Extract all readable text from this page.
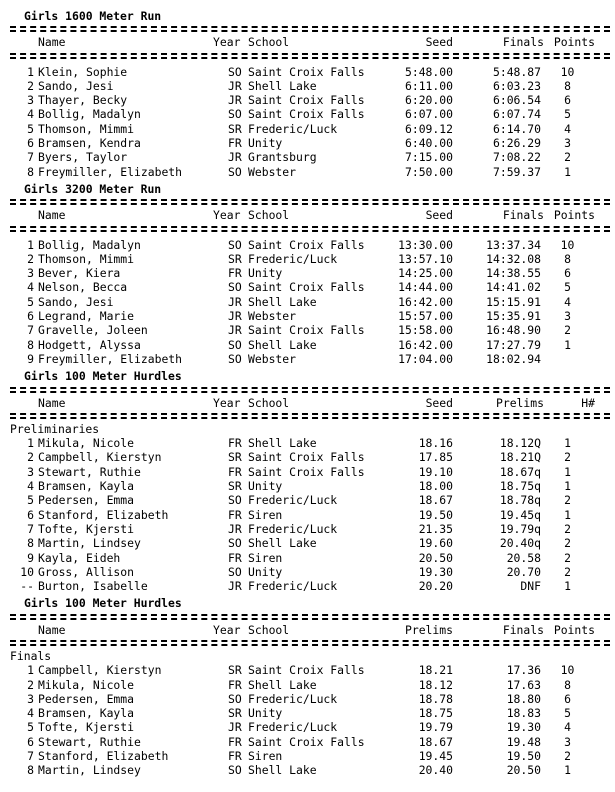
Girls 1600 Meter Run
Name	Year School	Seed	Finals Points
1 Klein, Sophie	SO Saint Croix Falls	5:48.00	5:48.87	10
2 Sando, Jesi	JR Shell Lake	6:11.00	6:03.23	8
3 Thayer, Becky	JR Saint Croix Falls	6:20.00	6:06.54	6
4 Bollig, Madalyn	SO Saint Croix Falls	6:07.00	6:07.74	5
5 Thomson, Mimmi	SR Frederic/Luck	6:09.12	6:14.70	4
6 Bramsen, Kendra	FR Unity	6:40.00	6:26.29	3
7 Byers, Taylor	JR Grantsburg	7:15.00	7:08.22	2
8 Freymiller, Elizabeth	SO Webster	7:50.00	7:59.37	1
Girls 3200 Meter Run
Name	Year School	Seed	Finals Points
1 Bollig, Madalyn	SO Saint Croix Falls	13:30.00	13:37.34	10
2 Thomson, Mimmi	SR Frederic/Luck	13:57.10	14:32.08	8
3 Bever, Kiera	FR Unity	14:25.00	14:38.55	6
4 Nelson, Becca	SO Saint Croix Falls	14:44.00	14:41.02	5
5 Sando, Jesi	JR Shell Lake	16:42.00	15:15.91	4
6 Legrand, Marie	JR Webster	15:57.00	15:35.91	3
7 Gravelle, Joleen	JR Saint Croix Falls	15:58.00	16:48.90	2
8 Hodgett, Alyssa	SO Shell Lake	16:42.00	17:27.79	1
9 Freymiller, Elizabeth	SO Webster	17:04.00	18:02.94
Girls 100 Meter Hurdles
Name	Year School	Seed	Prelims	H#
Preliminaries
1 Mikula, Nicole	FR Shell Lake	18.16	18.12Q	1
2 Campbell, Kierstyn	SR Saint Croix Falls	17.85	18.21Q	2
3 Stewart, Ruthie	FR Saint Croix Falls	19.10	18.67q	1
4 Bramsen, Kayla	SR Unity	18.00	18.75q	1
5 Pedersen, Emma	SO Frederic/Luck	18.67	18.78q	2
6 Stanford, Elizabeth	FR Siren	19.50	19.45q	1
7 Tofte, Kjersti	JR Frederic/Luck	21.35	19.79q	2
8 Martin, Lindsey	SO Shell Lake	19.60	20.40q	2
9 Kayla, Eideh	FR Siren	20.50	20.58	2
10 Gross, Allison	SO Unity	19.30	20.70	2
-- Burton, Isabelle	JR Frederic/Luck	20.20	DNF	1
Girls 100 Meter Hurdles
Name	Year School	Prelims	Finals Points
Finals
1 Campbell, Kierstyn	SR Saint Croix Falls	18.21	17.36	10
2 Mikula, Nicole	FR Shell Lake	18.12	17.63	8
3 Pedersen, Emma	SO Frederic/Luck	18.78	18.80	6
4 Bramsen, Kayla	SR Unity	18.75	18.83	5
5 Tofte, Kjersti	JR Frederic/Luck	19.79	19.30	4
6 Stewart, Ruthie	FR Saint Croix Falls	18.67	19.48	3
7 Stanford, Elizabeth	FR Siren	19.45	19.50	2
8 Martin, Lindsey	SO Shell Lake	20.40	20.50	1
